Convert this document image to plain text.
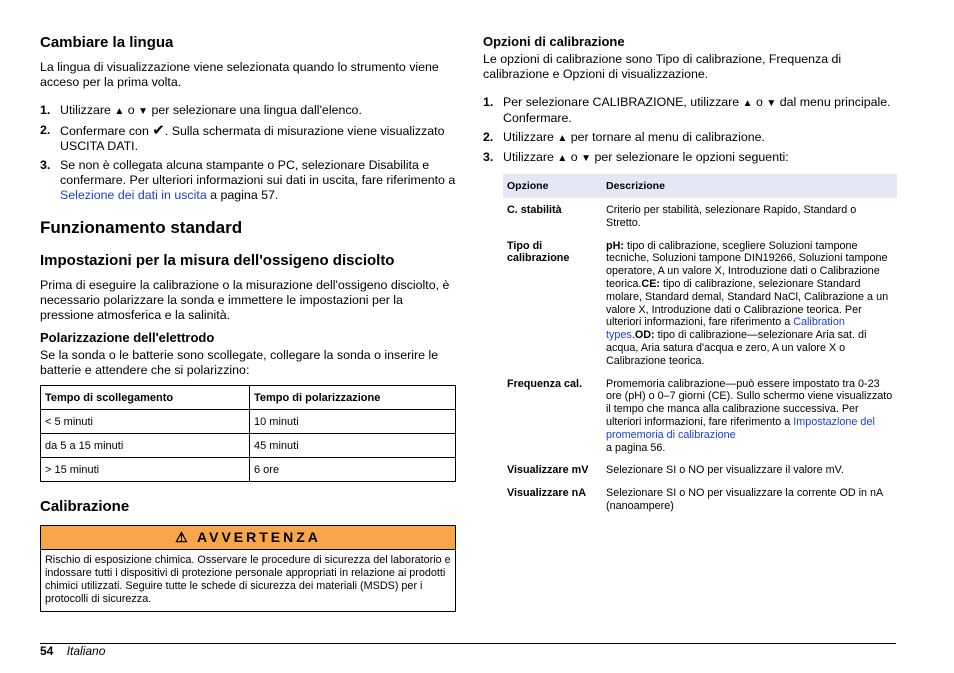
Cambiare la lingua

La lingua di visualizzazione viene selezionata quando lo strumento viene acceso per la prima volta.

1. Utilizzare ▲ o ▼ per selezionare una lingua dall'elenco.
2. Confermare con ✔. Sulla schermata di misurazione viene visualizzato USCITA DATI.
3. Se non è collegata alcuna stampante o PC, selezionare Disabilita e confermare. Per ulteriori informazioni sui dati in uscita, fare riferimento a Selezione dei dati in uscita a pagina 57.
Funzionamento standard
Impostazioni per la misura dell'ossigeno disciolto

Prima di eseguire la calibrazione o la misurazione dell'ossigeno disciolto, è necessario polarizzare la sonda e immettere le impostazioni per la pressione atmosferica e la salinità.

Polarizzazione dell'elettrodo

Se la sonda o le batterie sono scollegate, collegare la sonda o inserire le batterie e attendere che si polarizzino:

Tempo di scollegamento	Tempo di polarizzazione
< 5 minuti	10 minuti
da 5 a 15 minuti	45 minuti
> 15 minuti	6 ore
Calibrazione
⚠ AVVERTENZA
Rischio di esposizione chimica. Osservare le procedure di sicurezza del laboratorio e indossare tutti i dispositivi di protezione personale appropriati in relazione ai prodotti chimici utilizzati. Seguire tutte le schede di sicurezza dei materiali (MSDS) per i protocolli di sicurezza.
Opzioni di calibrazione

Le opzioni di calibrazione sono Tipo di calibrazione, Frequenza di calibrazione e Opzioni di visualizzazione.

1. Per selezionare CALIBRAZIONE, utilizzare ▲ o ▼ dal menu principale. Confermare.
2. Utilizzare ▲ per tornare al menu di calibrazione.
3. Utilizzare ▲ o ▼ per selezionare le opzioni seguenti:
Opzione	Descrizione
C. stabilità	Criterio per stabilità, selezionare Rapido, Standard o Stretto.
Tipo di calibrazione	pH: tipo di calibrazione, scegliere Soluzioni tampone tecniche, Soluzioni tampone DIN19266, Soluzioni tampone operatore, A un valore X, Introduzione dati o Calibrazione teorica.CE: tipo di calibrazione, selezionare Standard molare, Standard demal, Standard NaCl, Calibrazione a un valore X, Introduzione dati o Calibrazione teorica. Per ulteriori informazioni, fare riferimento a Calibration types.OD: tipo di calibrazione—selezionare Aria sat. di acqua, Aria satura d'acqua e zero, A un valore X o Calibrazione teorica.
Frequenza cal.	Promemoria calibrazione—può essere impostato tra 0-23 ore (pH) o 0–7 giorni (CE). Sullo schermo viene visualizzato il tempo che manca alla calibrazione successiva. Per ulteriori informazioni, fare riferimento a Impostazione del promemoria di calibrazione
a pagina 56.
Visualizzare mV	Selezionare SI o NO per visualizzare il valore mV.
Visualizzare nA	Selezionare SI o NO per visualizzare la corrente OD in nA (nanoampere)
54 Italiano
